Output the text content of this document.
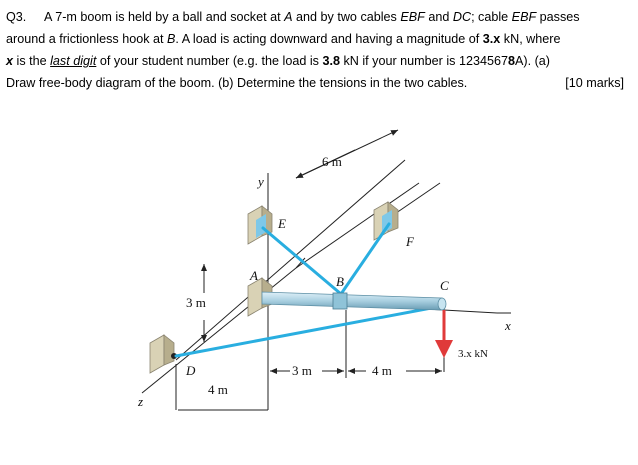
Q3. A 7-m boom is held by a ball and socket at A and by two cables EBF and DC; cable EBF passes

around a frictionless hook at B. A load is acting downward and having a magnitude of 3.x kN, where

x is the last digit of your student number (e.g. the load is 3.8 kN if your number is 12345678A). (a)

Draw free-body diagram of the boom. (b) Determine the tensions in the two cables.	[10 marks]

6 m
y
3 m
3 m	4 m
4 m
E
F
A	B	C
x
3.x kN
D
z
